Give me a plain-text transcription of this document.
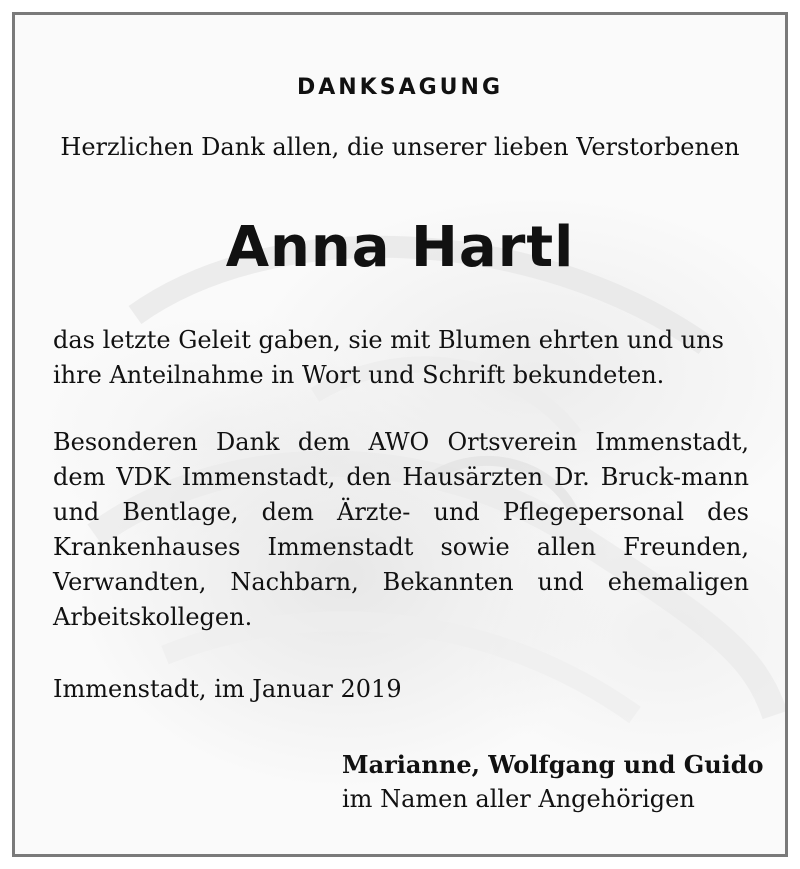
DANKSAGUNG
Herzlichen Dank allen, die unserer lieben Verstorbenen
Anna Hartl
das letzte Geleit gaben, sie mit Blumen ehrten und uns ihre Anteilnahme in Wort und Schrift bekundeten.
Besonderen Dank dem AWO Ortsverein Immenstadt, dem VDK Immenstadt, den Hausärzten Dr. Bruck-mann und Bentlage, dem Ärzte- und Pflegepersonal des Krankenhauses Immenstadt sowie allen Freunden, Verwandten, Nachbarn, Bekannten und ehemaligen Arbeitskollegen.
Immenstadt, im Januar 2019
Marianne, Wolfgang und Guido
im Namen aller Angehörigen
